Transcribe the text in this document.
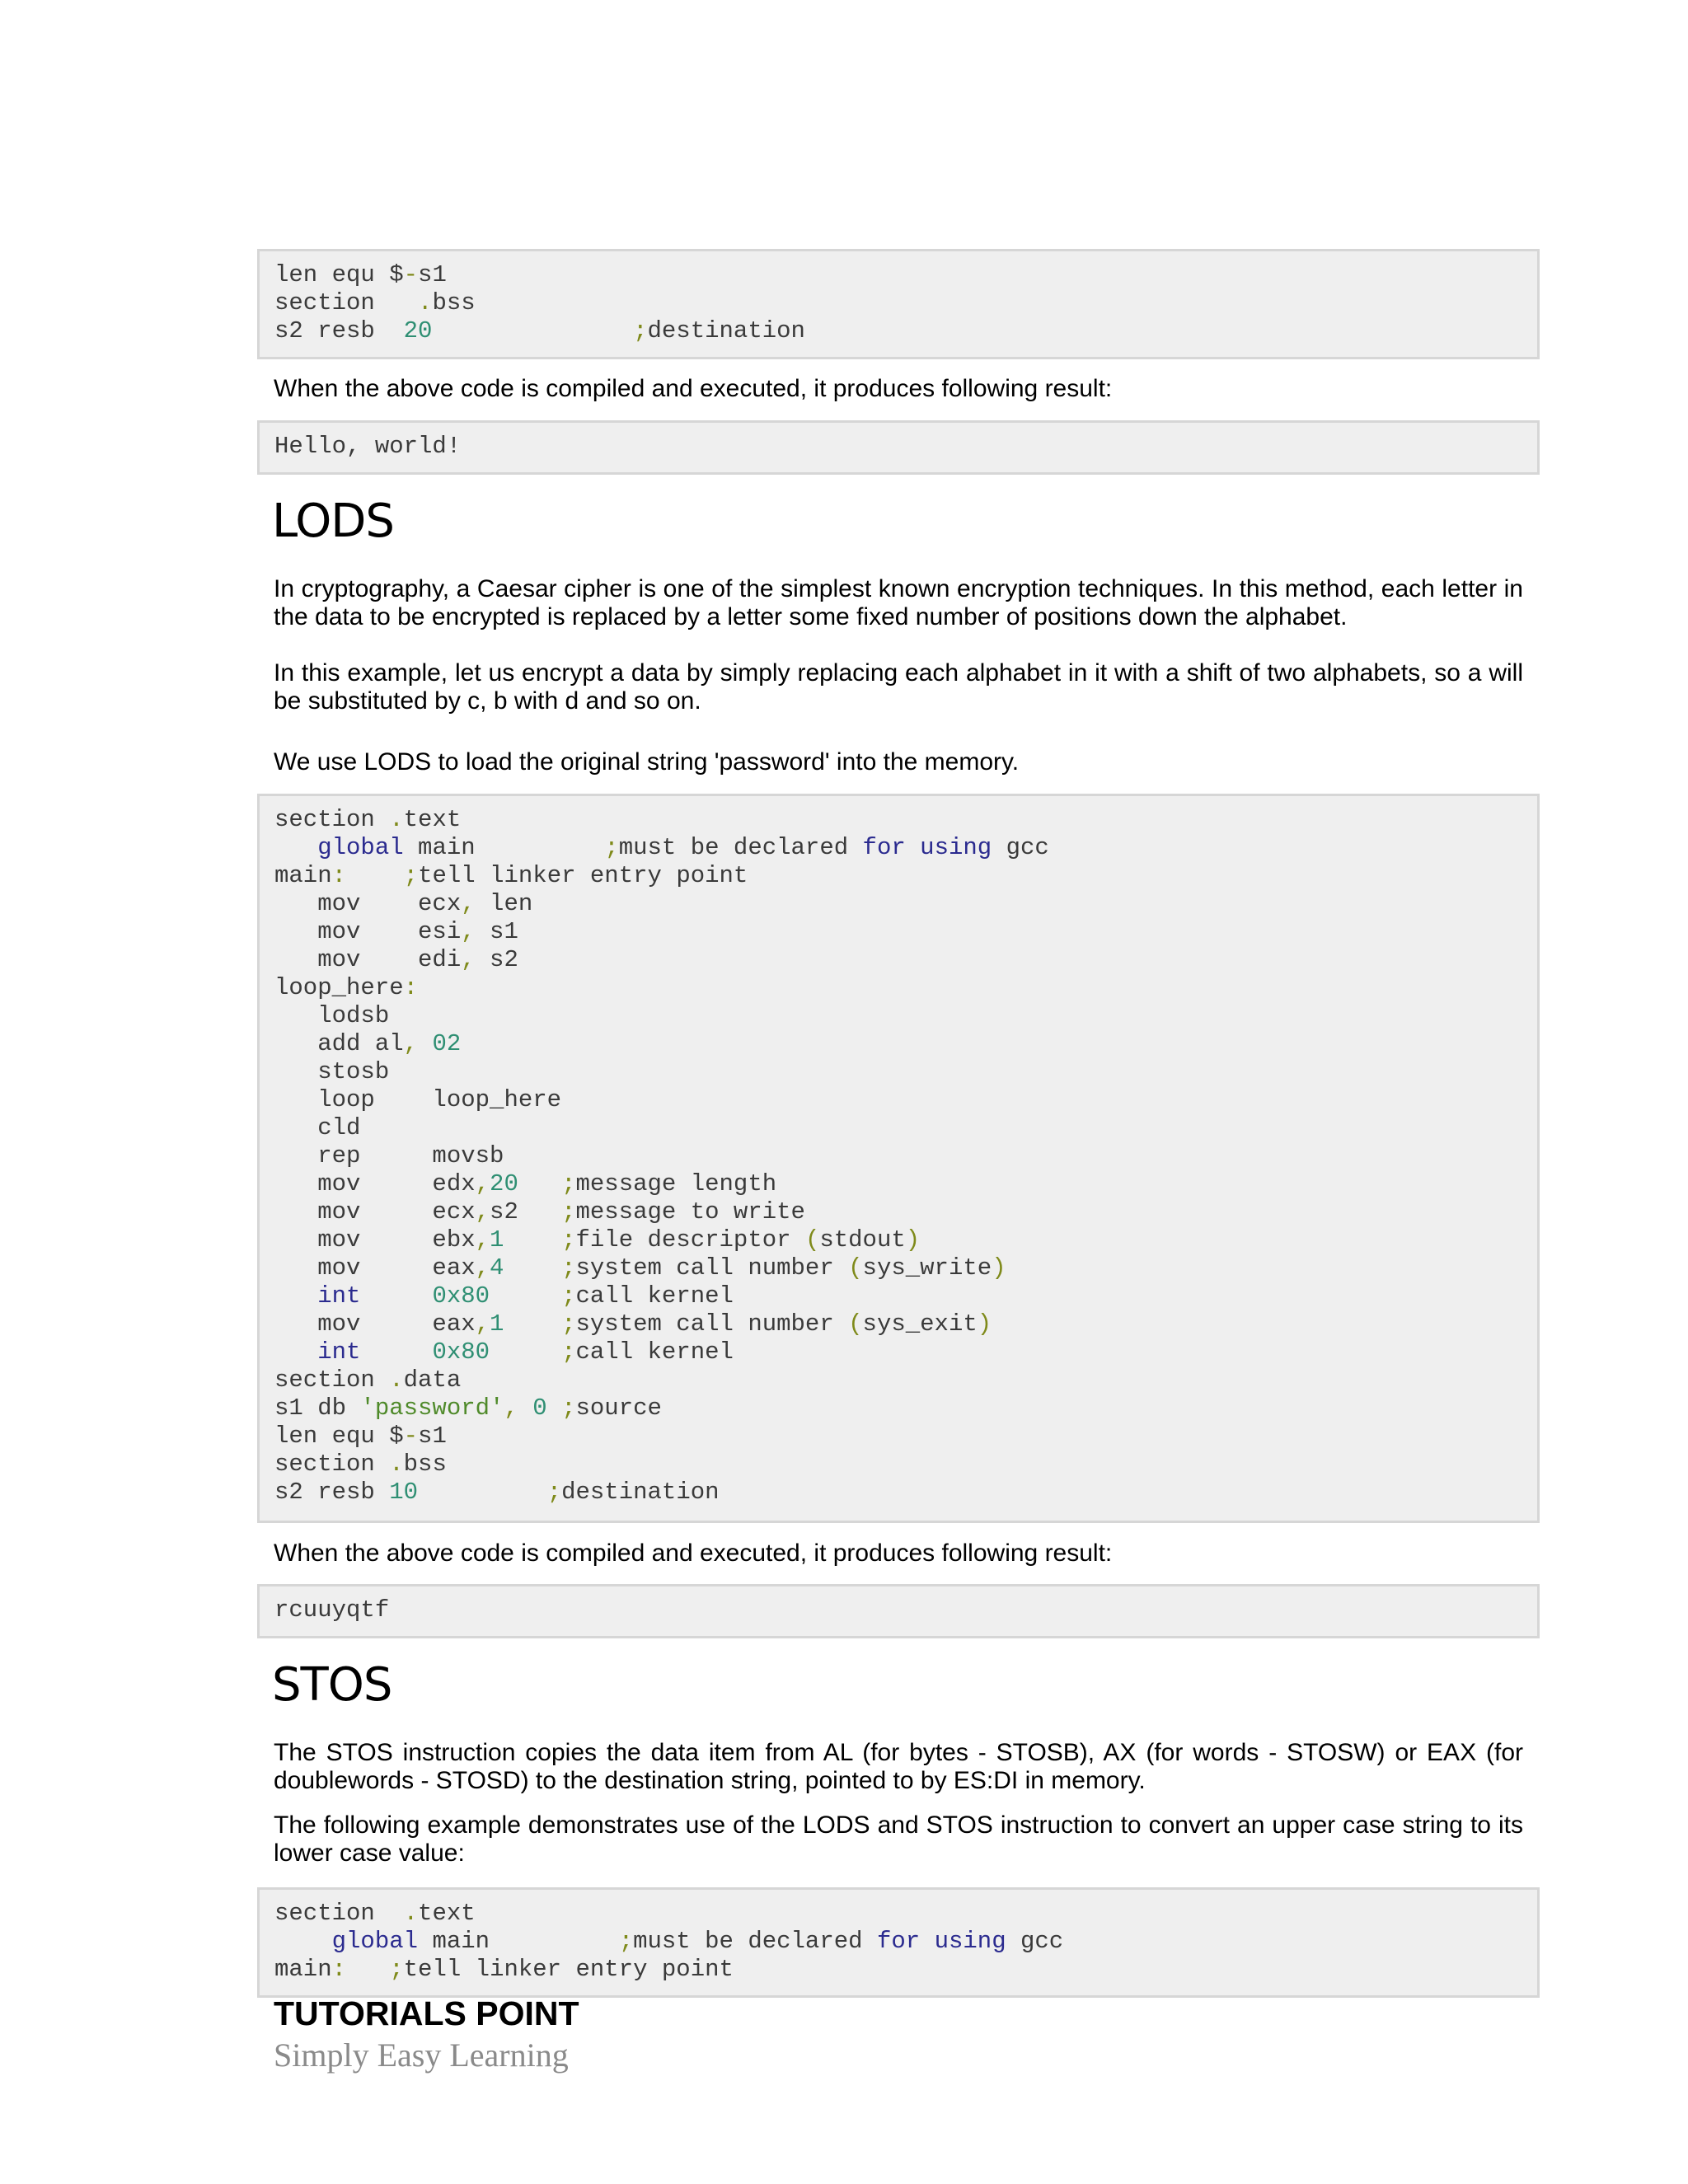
len equ $-s1
section   .bss
s2 resb  20	;destination

When the above code is compiled and executed, it produces following result:

Hello, world!
LODS

In cryptography, a Caesar cipher is one of the simplest known encryption techniques. In this method, each letter in the data to be encrypted is replaced by a letter some fixed number of positions down the alphabet.

In this example, let us encrypt a data by simply replacing each alphabet in it with a shift of two alphabets, so a will be substituted by c, b with d and so on.

We use LODS to load the original string 'password' into the memory.

section .text
global main         ;must be declared for using gcc
main: ;tell linker entry point
mov    ecx, len
mov    esi, s1
mov    edi, s2
loop_here:
lodsb
add al, 02
stosb
loop    loop_here
cld
rep     movsb
mov     edx,20 ;message length
mov     ecx,s2   ;message to write
mov     ebx,1 ;file descriptor (stdout)
mov     eax,4 ;system call number (sys_write)
int	0x80	;call kernel
mov     eax,1 ;system call number (sys_exit)
int	0x80	;call kernel
section .data
s1 db 'password', 0 ;source
len equ $-s1
section .bss
s2 resb 10	;destination

When the above code is compiled and executed, it produces following result:

rcuuyqtf
STOS

The STOS instruction copies the data item from AL (for bytes - STOSB), AX (for words - STOSW) or EAX (for doublewords - STOSD) to the destination string, pointed to by ES:DI in memory.

The following example demonstrates use of the LODS and STOS instruction to convert an upper case string to its lower case value:

section  .text
global main         ;must be declared for using gcc
main: ;tell linker entry point

TUTORIALS POINT

Simply Easy Learning
